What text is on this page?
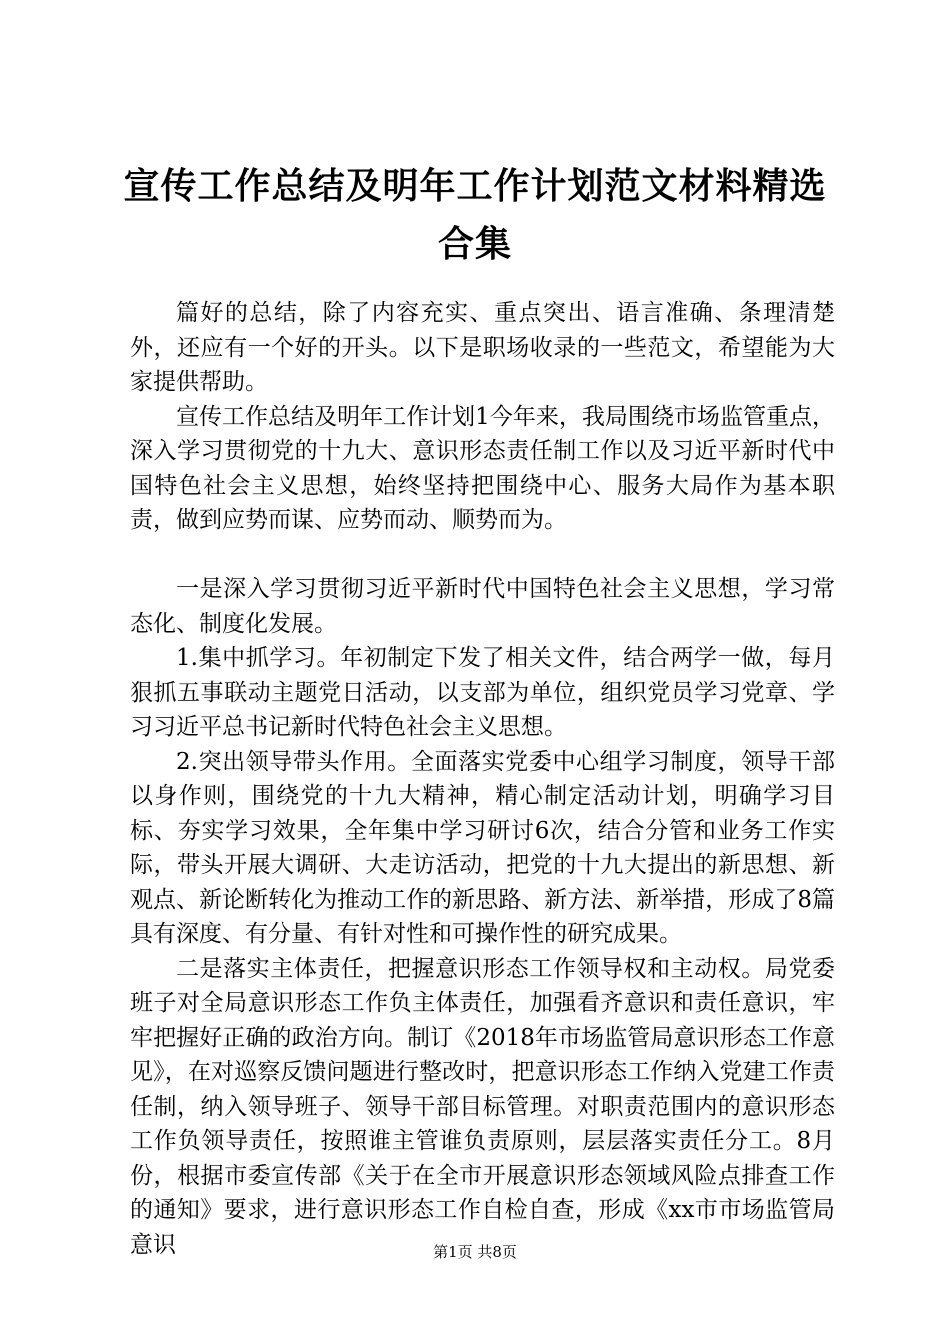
宣传工作总结及明年工作计划范文材料精选合集

篇好的总结，除了内容充实、重点突出、语言准确、条理清楚外，还应有一个好的开头。以下是职场收录的一些范文，希望能为大家提供帮助。

宣传工作总结及明年工作计划1今年来，我局围绕市场监管重点，深入学习贯彻党的十九大、意识形态责任制工作以及习近平新时代中国特色社会主义思想，始终坚持把围绕中心、服务大局作为基本职责，做到应势而谋、应势而动、顺势而为。

一是深入学习贯彻习近平新时代中国特色社会主义思想，学习常态化、制度化发展。

1.集中抓学习。年初制定下发了相关文件，结合两学一做，每月狠抓五事联动主题党日活动，以支部为单位，组织党员学习党章、学习习近平总书记新时代特色社会主义思想。

2.突出领导带头作用。全面落实党委中心组学习制度，领导干部以身作则，围绕党的十九大精神，精心制定活动计划，明确学习目标、夯实学习效果，全年集中学习研讨6次，结合分管和业务工作实际，带头开展大调研、大走访活动，把党的十九大提出的新思想、新观点、新论断转化为推动工作的新思路、新方法、新举措，形成了8篇具有深度、有分量、有针对性和可操作性的研究成果。

二是落实主体责任，把握意识形态工作领导权和主动权。局党委班子对全局意识形态工作负主体责任，加强看齐意识和责任意识，牢牢把握好正确的政治方向。制订《2018年市场监管局意识形态工作意见》，在对巡察反馈问题进行整改时，把意识形态工作纳入党建工作责任制，纳入领导班子、领导干部目标管理。对职责范围内的意识形态工作负领导责任，按照谁主管谁负责原则，层层落实责任分工。8月份，根据市委宣传部《关于在全市开展意识形态领域风险点排查工作的通知》要求，进行意识形态工作自检自查，形成《xx市市场监管局意识	第1页 共8页
